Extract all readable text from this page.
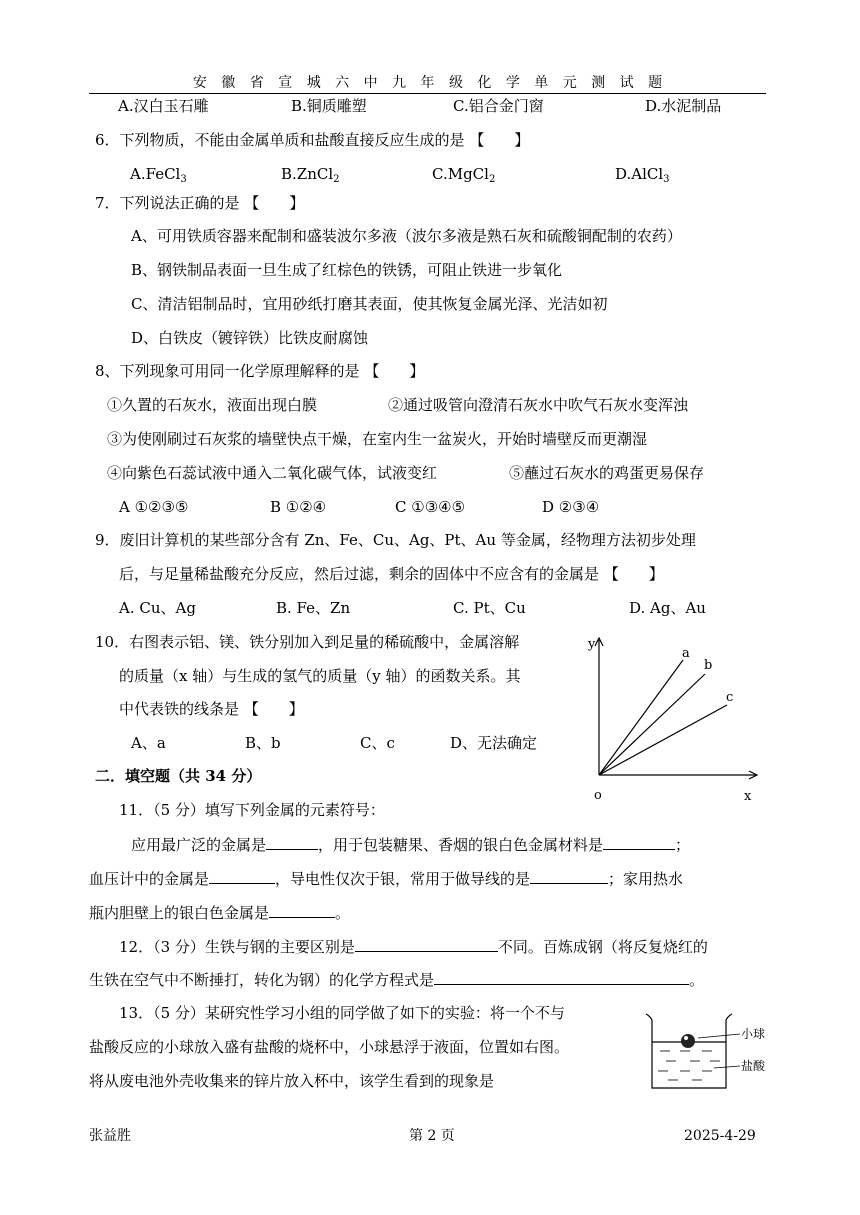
安 徽 省 宣 城 六 中 九 年 级 化 学 单 元 测 试 题
A.汉白玉石雕	B.铜质雕塑	C.铝合金门窗	D.水泥制品
6．下列物质，不能由金属单质和盐酸直接反应生成的是 【　　】
A.FeCl$_3$	B.ZnCl$_2$	C.MgCl$_2$	D.AlCl$_3$
7．下列说法正确的是 【　　】
A、可用铁质容器来配制和盛装波尔多液（波尔多液是熟石灰和硫酸铜配制的农药）
B、钢铁制品表面一旦生成了红棕色的铁锈，可阻止铁进一步氧化
C、清洁铝制品时，宜用砂纸打磨其表面，使其恢复金属光泽、光洁如初
D、白铁皮（镀锌铁）比铁皮耐腐蚀
8、下列现象可用同一化学原理解释的是 【　　】
①久置的石灰水，液面出现白膜	②通过吸管向澄清石灰水中吹气石灰水变浑浊
③为使刚刷过石灰浆的墙壁快点干燥，在室内生一盆炭火，开始时墙壁反而更潮湿
④向紫色石蕊试液中通入二氧化碳气体，试液变红	⑤蘸过石灰水的鸡蛋更易保存
A ①②③⑤	B ①②④	C ①③④⑤	D ②③④
9．废旧计算机的某些部分含有 Zn、Fe、Cu、Ag、Pt、Au 等金属，经物理方法初步处理
后，与足量稀盐酸充分反应，然后过滤，剩余的固体中不应含有的金属是 【　　】
A. Cu、Ag	B. Fe、Zn	C. Pt、Cu	D. Ag、Au
10．右图表示铝、镁、铁分别加入到足量的稀硫酸中，金属溶解
的质量（x 轴）与生成的氢气的质量（y 轴）的函数关系。其
中代表铁的线条是 【　　】
A、a	B、b	C、c	D、无法确定
y
x
o
a
b
c
二．填空题（共 34 分）
11．（5 分）填写下列金属的元素符号：
应用最广泛的金属是	，用于包装糖果、香烟的银白色金属材料是	；
血压计中的金属是	，导电性仅次于银，常用于做导线的是	；家用热水
瓶内胆壁上的银白色金属是	。
12．（3 分）生铁与钢的主要区别是	不同。百炼成钢（将反复烧红的
生铁在空气中不断捶打，转化为钢）的化学方程式是	。
13．（5 分）某研究性学习小组的同学做了如下的实验：将一个不与
盐酸反应的小球放入盛有盐酸的烧杯中，小球悬浮于液面，位置如右图。
将从废电池外壳收集来的锌片放入杯中，该学生看到的现象是
小球
盐酸
张益胜	第 2 页	2025-4-29
